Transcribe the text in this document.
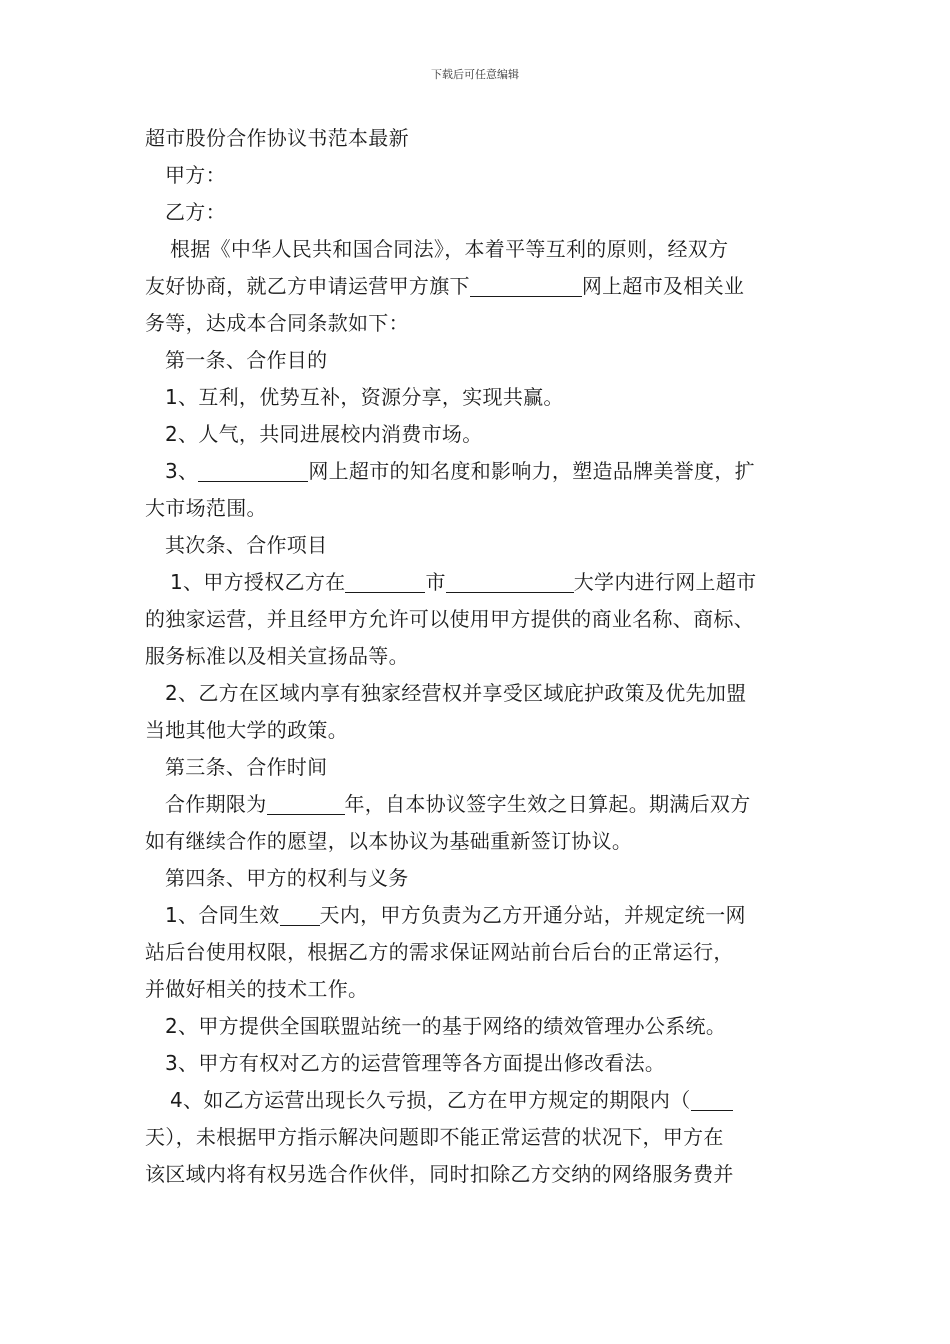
下载后可任意编辑
超市股份合作协议书范本最新
甲方：
乙方：
根据《中华人民共和国合同法》，本着平等互利的原则，经双方
友好协商，就乙方申请运营甲方旗下	网上超市及相关业
务等，达成本合同条款如下：
第一条、合作目的
1、互利，优势互补，资源分享，实现共赢。
2、人气，共同进展校内消费市场。
3、	网上超市的知名度和影响力，塑造品牌美誉度，扩
大市场范围。
其次条、合作项目
1、甲方授权乙方在	市	大学内进行网上超市
的独家运营，并且经甲方允许可以使用甲方提供的商业名称、商标、
服务标准以及相关宣扬品等。
2、乙方在区域内享有独家经营权并享受区域庇护政策及优先加盟
当地其他大学的政策。
第三条、合作时间
合作期限为	年，自本协议签字生效之日算起。期满后双方
如有继续合作的愿望，以本协议为基础重新签订协议。
第四条、甲方的权利与义务
1、合同生效 天内，甲方负责为乙方开通分站，并规定统一网
站后台使用权限，根据乙方的需求保证网站前台后台的正常运行，
并做好相关的技术工作。
2、甲方提供全国联盟站统一的基于网络的绩效管理办公系统。
3、甲方有权对乙方的运营管理等各方面提出修改看法。
4、如乙方运营出现长久亏损，乙方在甲方规定的期限内（
天），未根据甲方指示解决问题即不能正常运营的状况下，甲方在
该区域内将有权另选合作伙伴，同时扣除乙方交纳的网络服务费并
